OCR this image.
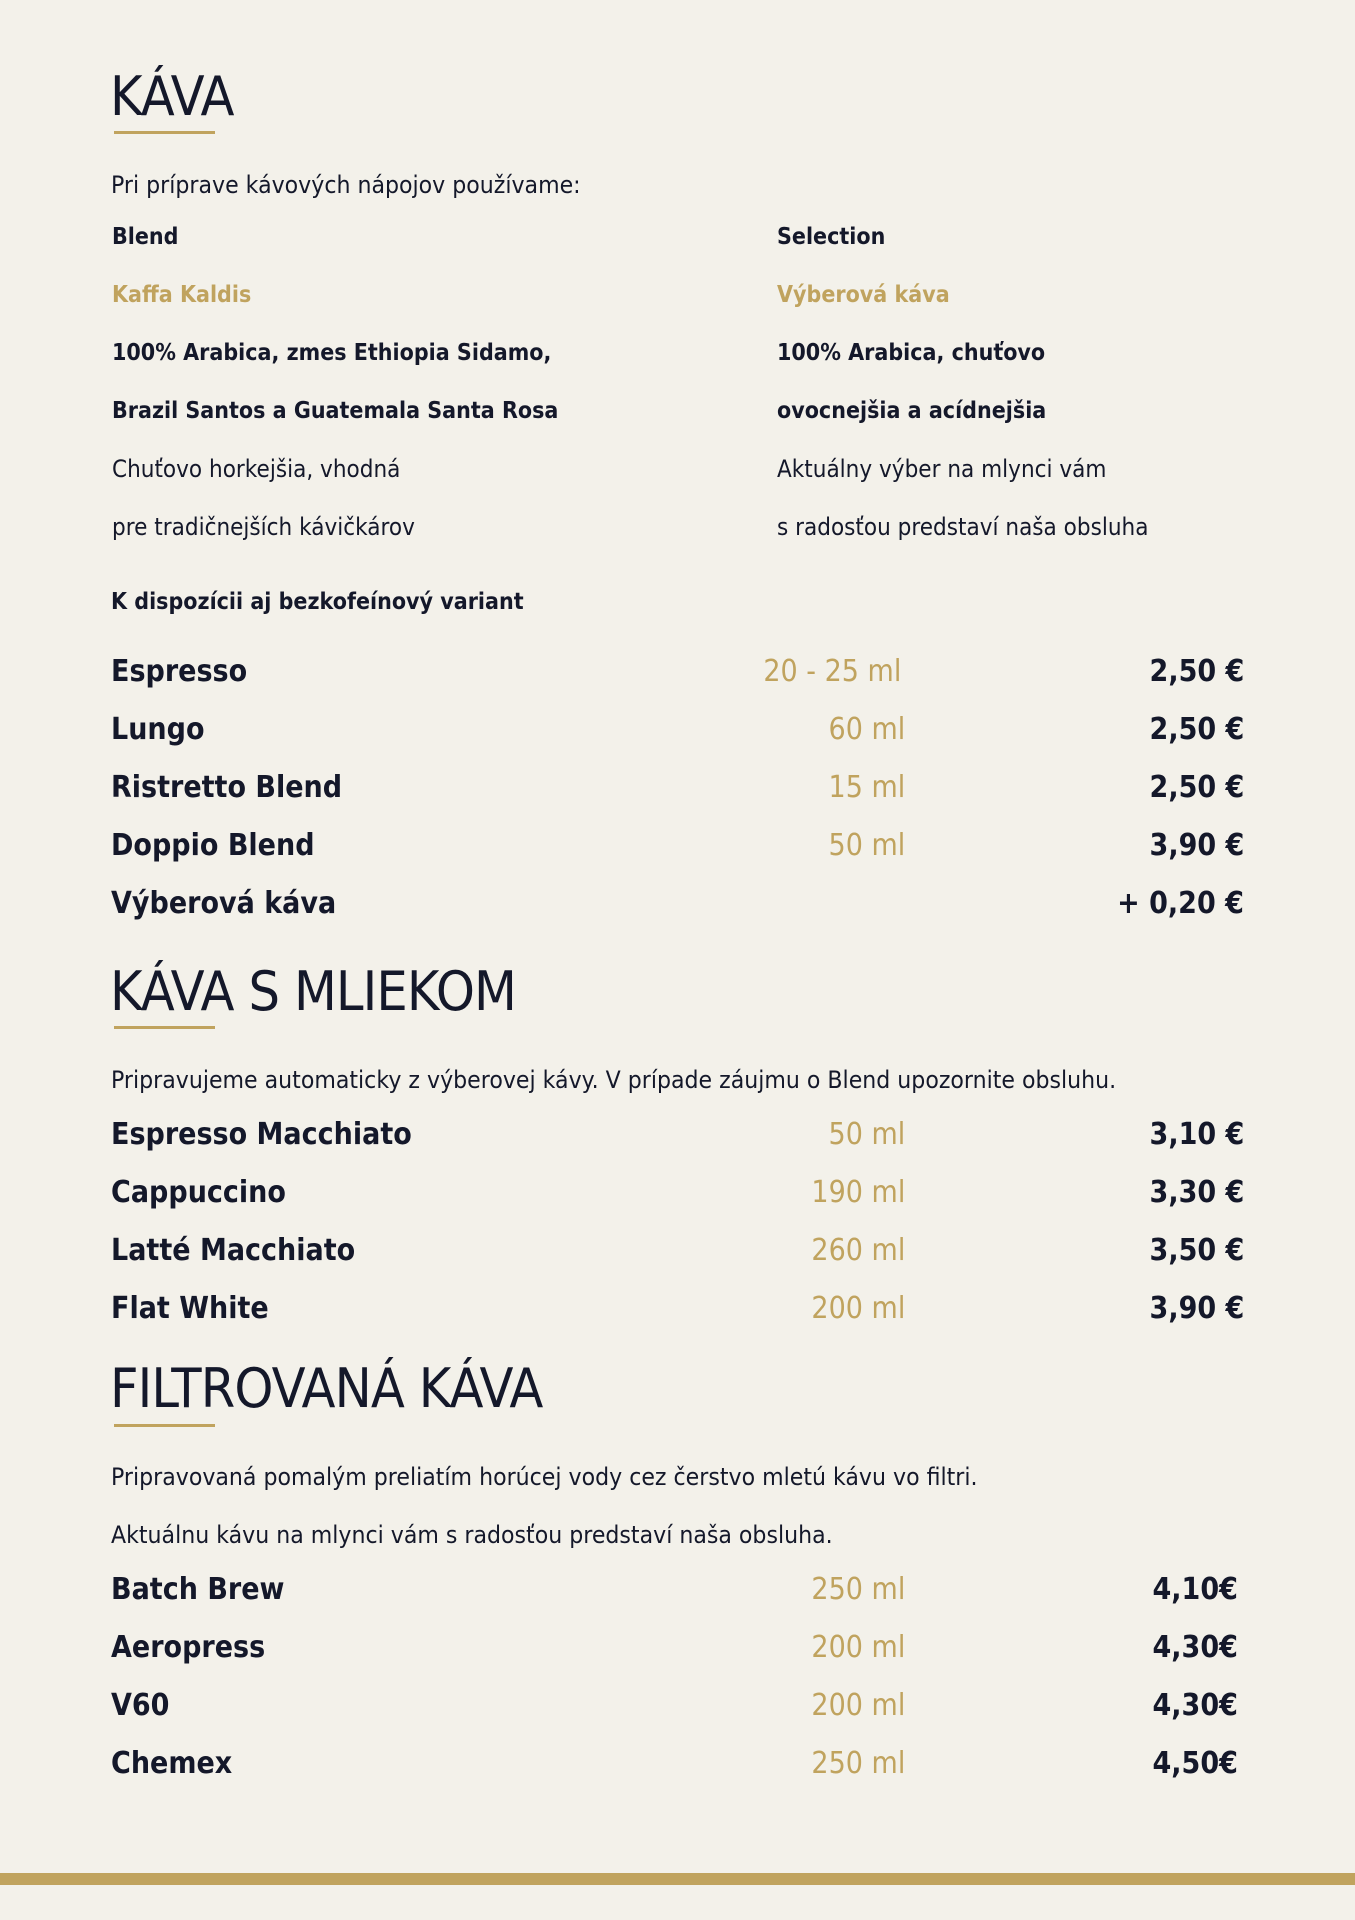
KÁVA
Pri príprave kávových nápojov používame:
Blend
Kaffa Kaldis
100% Arabica, zmes Ethiopia Sidamo,
Brazil Santos a Guatemala Santa Rosa
Chuťovo horkejšia, vhodná
pre tradičnejších kávičkárov
Selection
Výberová káva
100% Arabica, chuťovo
ovocnejšia a acídnejšia
Aktuálny výber na mlynci vám
s radosťou predstaví naša obsluha
K dispozícii aj bezkofeínový variant
Espresso	20 - 25 ml	2,50 €
Lungo	60 ml	2,50 €
Ristretto Blend	15 ml	2,50 €
Doppio Blend	50 ml	3,90 €
Výberová káva	+ 0,20 €
KÁVA S MLIEKOM
Pripravujeme automaticky z výberovej kávy. V prípade záujmu o Blend upozornite obsluhu.
Espresso Macchiato	50 ml	3,10 €
Cappuccino	190 ml	3,30 €
Latté Macchiato	260 ml	3,50 €
Flat White	200 ml	3,90 €
FILTROVANÁ KÁVA
Pripravovaná pomalým preliatím horúcej vody cez čerstvo mletú kávu vo filtri.
Aktuálnu kávu na mlynci vám s radosťou predstaví naša obsluha.
Batch Brew	250 ml	4,10€
Aeropress	200 ml	4,30€
V60	200 ml	4,30€
Chemex	250 ml	4,50€
